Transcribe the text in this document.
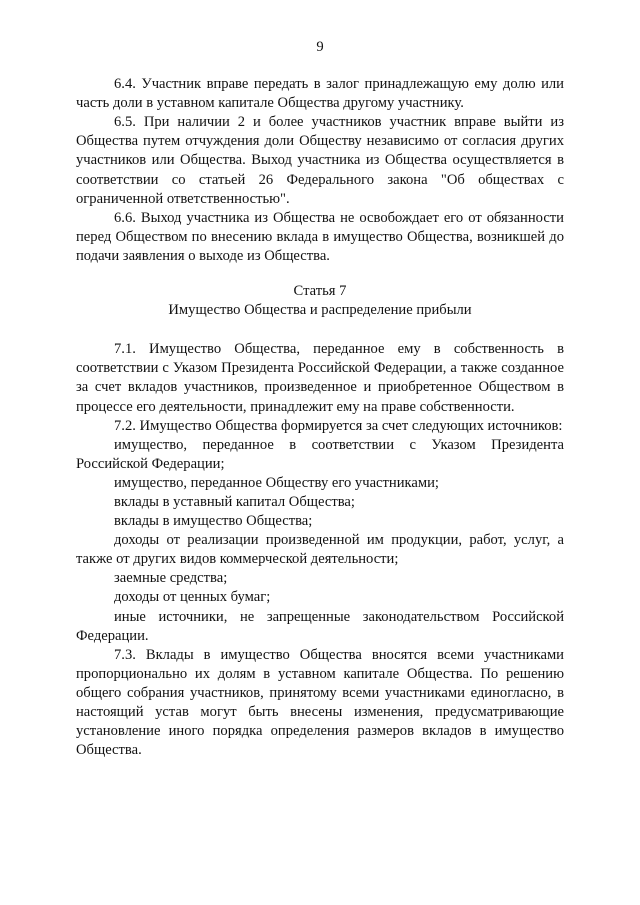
9

6.4. Участник вправе передать в залог принадлежащую ему долю или часть доли в уставном капитале Общества другому участнику.

6.5. При наличии 2 и более участников участник вправе выйти из Общества путем отчуждения доли Обществу независимо от согласия других участников или Общества. Выход участника из Общества осуществляется в соответствии со статьей 26 Федерального закона "Об обществах с ограниченной ответственностью".

6.6. Выход участника из Общества не освобождает его от обязанности перед Обществом по внесению вклада в имущество Общества, возникшей до подачи заявления о выходе из Общества.

Статья 7
Имущество Общества и распределение прибыли

7.1. Имущество Общества, переданное ему в собственность в соответствии с Указом Президента Российской Федерации, а также созданное за счет вкладов участников, произведенное и приобретенное Обществом в процессе его деятельности, принадлежит ему на праве собственности.

7.2. Имущество Общества формируется за счет следующих источников:

имущество, переданное в соответствии с Указом Президента Российской Федерации;

имущество, переданное Обществу его участниками;

вклады в уставный капитал Общества;

вклады в имущество Общества;

доходы от реализации произведенной им продукции, работ, услуг, а также от других видов коммерческой деятельности;

заемные средства;

доходы от ценных бумаг;

иные источники, не запрещенные законодательством Российской Федерации.

7.3. Вклады в имущество Общества вносятся всеми участниками пропорционально их долям в уставном капитале Общества. По решению общего собрания участников, принятому всеми участниками единогласно, в настоящий устав могут быть внесены изменения, предусматривающие установление иного порядка определения размеров вкладов в имущество Общества.
